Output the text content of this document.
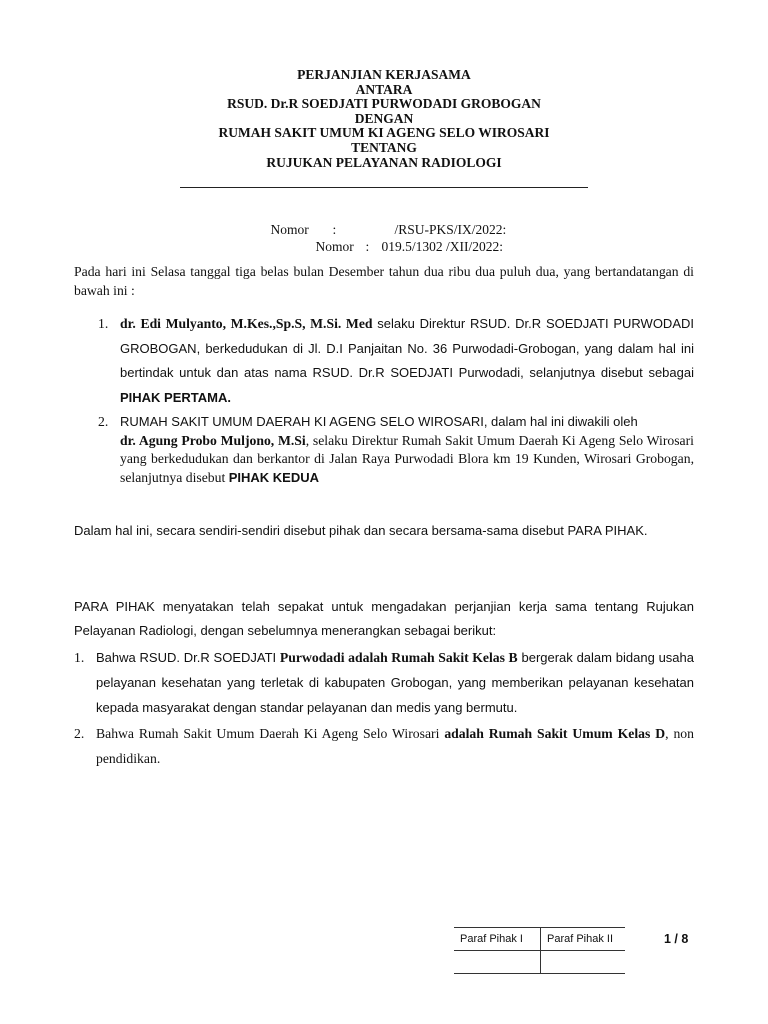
PERJANJIAN KERJASAMA
ANTARA
RSUD. Dr.R SOEDJATI PURWODADI GROBOGAN
DENGAN
RUMAH SAKIT UMUM KI AGENG SELO WIROSARI
TENTANG
RUJUKAN PELAYANAN RADIOLOGI

Nomor :	/RSU-PKS/IX/2022:

Nomor : 019.5/1302 /XII/2022:

Pada hari ini Selasa tanggal tiga belas bulan Desember tahun dua ribu dua puluh dua, yang bertandatangan di bawah ini :
1. dr. Edi Mulyanto, M.Kes.,Sp.S, M.Si. Med selaku Direktur RSUD. Dr.R SOEDJATI PURWODADI GROBOGAN, berkedudukan di Jl. D.I Panjaitan No. 36 Purwodadi-Grobogan, yang dalam hal ini bertindak untuk dan atas nama RSUD. Dr.R SOEDJATI Purwodadi, selanjutnya disebut sebagai PIHAK PERTAMA.
2. RUMAH SAKIT UMUM DAERAH KI AGENG SELO WIROSARI, dalam hal ini diwakili oleh
dr. Agung Probo Muljono, M.Si, selaku Direktur Rumah Sakit Umum Daerah Ki Ageng Selo Wirosari yang berkedudukan dan berkantor di Jalan Raya Purwodadi Blora km 19 Kunden, Wirosari Grobogan, selanjutnya disebut PIHAK KEDUA
Dalam hal ini, secara sendiri-sendiri disebut pihak dan secara bersama-sama disebut PARA PIHAK.
PARA PIHAK menyatakan telah sepakat untuk mengadakan perjanjian kerja sama tentang Rujukan Pelayanan Radiologi, dengan sebelumnya menerangkan sebagai berikut:
1. Bahwa RSUD. Dr.R SOEDJATI Purwodadi adalah Rumah Sakit Kelas B bergerak dalam bidang usaha pelayanan kesehatan yang terletak di kabupaten Grobogan, yang memberikan pelayanan kesehatan kepada masyarakat dengan standar pelayanan dan medis yang bermutu.
2. Bahwa Rumah Sakit Umum Daerah Ki Ageng Selo Wirosari adalah Rumah Sakit Umum Kelas D, non pendidikan.
Paraf Pihak I	Paraf Pihak II
		1 / 8
